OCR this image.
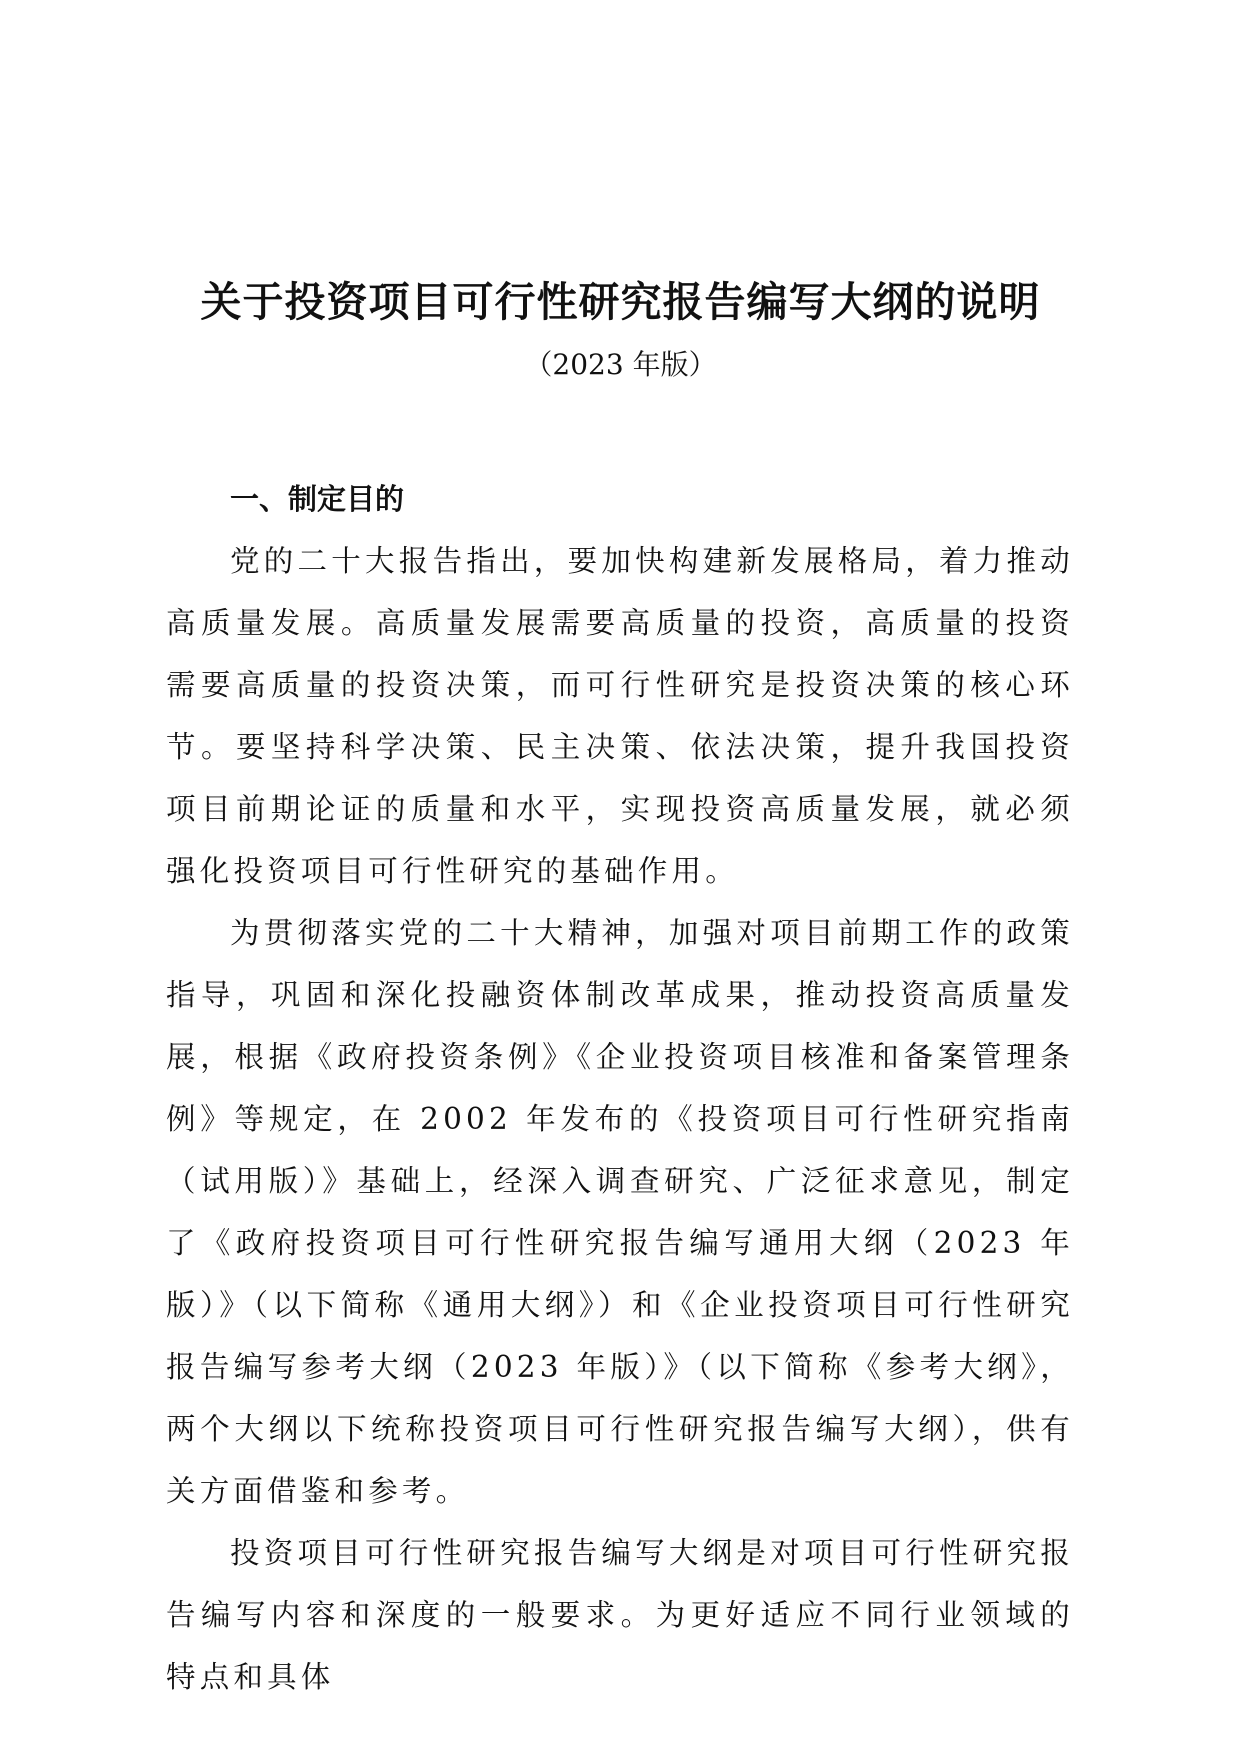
关于投资项目可行性研究报告编写大纲的说明

（2023 年版）

一、制定目的

党的二十大报告指出，要加快构建新发展格局，着力推动高质量发展。高质量发展需要高质量的投资，高质量的投资需要高质量的投资决策，而可行性研究是投资决策的核心环节。要坚持科学决策、民主决策、依法决策，提升我国投资项目前期论证的质量和水平，实现投资高质量发展，就必须强化投资项目可行性研究的基础作用。

为贯彻落实党的二十大精神，加强对项目前期工作的政策指导，巩固和深化投融资体制改革成果，推动投资高质量发展，根据《政府投资条例》《企业投资项目核准和备案管理条例》等规定，在 2002 年发布的《投资项目可行性研究指南（试用版）》基础上，经深入调查研究、广泛征求意见，制定了《政府投资项目可行性研究报告编写通用大纲（2023 年版）》（以下简称《通用大纲》）和《企业投资项目可行性研究报告编写参考大纲（2023 年版）》（以下简称《参考大纲》，两个大纲以下统称投资项目可行性研究报告编写大纲），供有关方面借鉴和参考。

投资项目可行性研究报告编写大纲是对项目可行性研究报告编写内容和深度的一般要求。为更好适应不同行业领域的特点和具体
